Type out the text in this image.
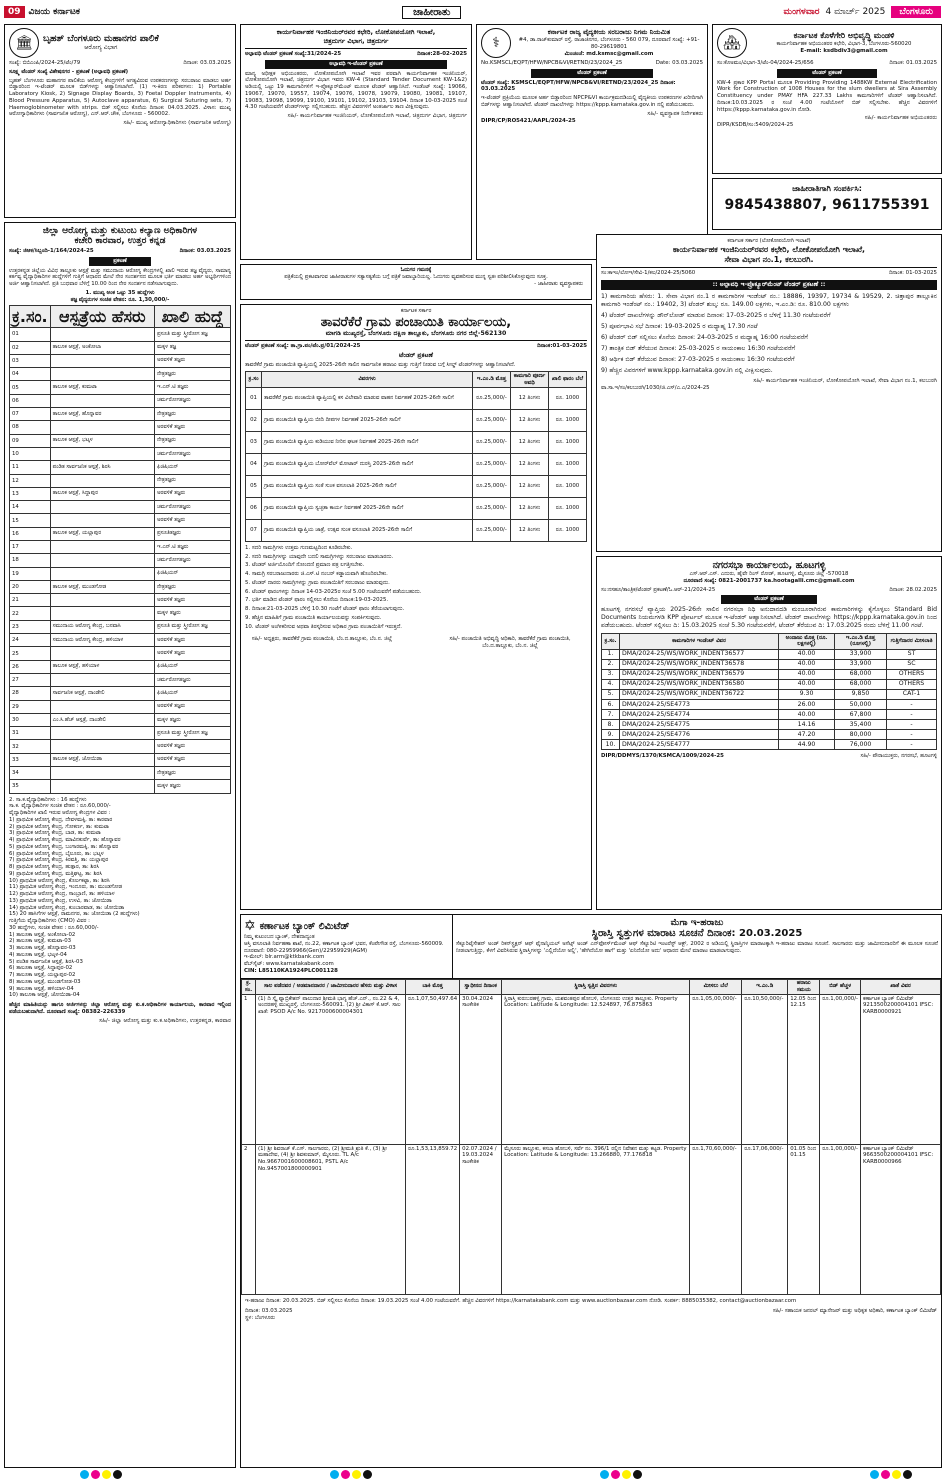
09 ವಿಜಯ ಕರ್ನಾಟಕ	ಜಾಹೀರಾತು	ಮಂಗಳವಾರ 4 ಮಾರ್ಚ್ 2025	ಬೆಂಗಳೂರು
🏛	ಬೃಹತ್ ಬೆಂಗಳೂರು ಮಹಾನಗರ ಪಾಲಿಕೆ
ಆರೋಗ್ಯ ವಿಭಾಗ
ಸಂಖ್ಯೆ: ಬಿಬಿಎಂಪಿ/2024-25/ಟೆಂ/79	ದಿನಾಂಕ: 03.03.2025
ಸೂಕ್ಷ್ಮ ಟೆಂಡರ್ ಸಂಖ್ಯೆ ವಿಶೇಷನಗರ - ಪ್ರಕಟಣೆ (ಅಲ್ಪಾವಧಿ ಪ್ರಕಟಣೆ)
ಬೃಹತ್ ಬೆಂಗಳೂರು ಮಹಾನಗರ ಪಾಲಿಕೆಯ ಆರೋಗ್ಯ ಕೇಂದ್ರಗಳಿಗೆ ಅಗತ್ಯವಿರುವ ಉಪಕರಣಗಳನ್ನು ಸರಬರಾಜು ಮಾಡಲು ಅರ್ಹ ಬಿಡ್ದಾರರಿಂದ ಇ-ಟೆಂಡರ್ ಮೂಲಕ ಬಿಡ್‌ಗಳನ್ನು ಆಹ್ವಾನಿಸಲಾಗಿದೆ. (1) ಇ-ಕಿರಣ ಪರಿಕರಗಳು: 1) Portable Laboratory Kiosk, 2) Signage Display Boards, 3) Foetal Doppler Instruments, 4) Blood Pressure Apparatus, 5) Autoclave apparatus, 6) Surgical Suturing sets, 7) Haemoglobinometer with strips. ಬಿಡ್ ಸಲ್ಲಿಸಲು ಕೊನೆಯ ದಿನಾಂಕ: 04.03.2025. ವಿಳಾಸ: ಮುಖ್ಯ ಆರೋಗ್ಯಾಧಿಕಾರಿಗಳು (ಸಾರ್ವಜನಿಕ ಆರೋಗ್ಯ), ಎನ್.ಆರ್.ಚೌಕ, ಬೆಂಗಳೂರು - 560002.
ಸಹಿ/- ಮುಖ್ಯ ಆರೋಗ್ಯಾಧಿಕಾರಿಗಳು (ಸಾರ್ವಜನಿಕ ಆರೋಗ್ಯ)
ಕಾರ್ಯನಿರ್ವಾಹಕ ಇಂಜಿನಿಯರ್‌ರವರ ಕಛೇರಿ, ಲೋಕೋಪಯೋಗಿ ಇಲಾಖೆ,
ಚಿತ್ರದುರ್ಗ ವಿಭಾಗ, ಚಿತ್ರದುರ್ಗ
ಅಲ್ಪಾವಧಿ ಟೆಂಡರ್ ಪ್ರಕಟಣೆ ಸಂಖ್ಯೆ:31/2024-25	ದಿನಾಂಕ:28-02-2025
ಅಲ್ಪಾವಧಿ ಇ-ಟೆಂಡರ್ ಪ್ರಕಟಣೆ
ಮಾನ್ಯ ಅಧೀಕ್ಷಕ ಅಭಿಯಂತರರು, ಲೋಕೋಪಯೋಗಿ ಇಲಾಖೆ ಇವರ ಪರವಾಗಿ ಕಾರ್ಯನಿರ್ವಾಹಕ ಇಂಜಿನಿಯರ್, ಲೋಕೋಪಯೋಗಿ ಇಲಾಖೆ, ಚಿತ್ರದುರ್ಗ ವಿಭಾಗ ಇವರು KW-4 (Standard Tender Document KW-1&2) ಅಡಿಯಲ್ಲಿ ಒಟ್ಟು 19 ಕಾಮಗಾರಿಗಳಿಗೆ ಇ-ಪ್ರೊಕ್ಯೂರ್‌ಮೆಂಟ್ ಮೂಲಕ ಟೆಂಡರ್ ಆಹ್ವಾನಿಸಿದೆ. ಇಂಡೆಂಟ್ ಸಂಖ್ಯೆ: 19066, 19067, 19070, 19557, 19074, 19076, 19078, 19079, 19080, 19081, 19107, 19083, 19098, 19099, 19100, 19101, 19102, 19103, 19104. ದಿನಾಂಕ 10-03-2025 ಸಂಜೆ 4.30 ಗಂಟೆಯವರೆಗೆ ಟೆಂಡರ್‌ಗಳನ್ನು ಸಲ್ಲಿಸಬಹುದು. ಹೆಚ್ಚಿನ ವಿವರಗಳಿಗೆ ಅಂತರ್ಜಾಲ ತಾಣ ವೀಕ್ಷಿಸುವುದು.
ಸಹಿ/- ಕಾರ್ಯನಿರ್ವಾಹಕ ಇಂಜಿನಿಯರ್, ಲೋಕೋಪಯೋಗಿ ಇಲಾಖೆ, ಚಿತ್ರದುರ್ಗ ವಿಭಾಗ, ಚಿತ್ರದುರ್ಗ
⚕
ಕರ್ನಾಟಕ ರಾಜ್ಯ ವೈದ್ಯಕೀಯ ಸರಬರಾಜು ನಿಗಮ ನಿಯಮಿತ
#4, ಡಾ.ರಾಜ್‌ಕುಮಾರ್ ರಸ್ತೆ, ರಾಜಾಜಿನಗರ, ಬೆಂಗಳೂರು - 560 079, ದೂರವಾಣಿ ಸಂಖ್ಯೆ: +91-80-29619801
ಮಿಂಚಂಚೆ: md.ksmsc@gmail.com
No.KSMSCL/EQPT/HFW/NPCB&VI/RETND/23/2024_25	Date: 03.03.2025
ಟೆಂಡರ್ ಪ್ರಕಟಣೆ
ಟೆಂಡರ್ ಸಂಖ್ಯೆ: KSMSCL/EQPT/HFW/NPCB&VI/RETND/23/2024_25 ದಿನಾಂಕ: 03.03.2025
ಇ-ಟೆಂಡರ್ ಪ್ರಕ್ರಿಯೆಯ ಮೂಲಕ ಅರ್ಹ ಬಿಡ್ದಾರರಿಂದ NPCP&VI ಕಾರ್ಯಕ್ರಮದಡಿಯಲ್ಲಿ ವೈದ್ಯಕೀಯ ಉಪಕರಣಗಳ ಖರೀದಿಗಾಗಿ ಬಿಡ್‌ಗಳನ್ನು ಆಹ್ವಾನಿಸಲಾಗಿದೆ. ಟೆಂಡರ್ ದಾಖಲೆಗಳನ್ನು https://kppp.karnataka.gov.in ನಲ್ಲಿ ಪಡೆಯಬಹುದು.
ಸಹಿ/- ವ್ಯವಸ್ಥಾಪಕ ನಿರ್ದೇಶಕರು
DIPR/CP/RO5421/AAPL/2024-25
🏘	ಕರ್ನಾಟಕ ಕೊಳೆಗೇರಿ ಅಭಿವೃದ್ಧಿ ಮಂಡಳಿ
ಕಾರ್ಯನಿರ್ವಾಹಕ ಅಭಿಯಂತರರ ಕಛೇರಿ, ವಿಭಾಗ-3, ಬೆಂಗಳೂರು-560020
E-mail: ksdbdiv3@gmail.com
ಸಂ:ಕೊಅಮಂ/ವಿಭಾಗ-3/ಟೆಂ-04/2024-25/656	ದಿನಾಂಕ: 01.03.2025
ಟೆಂಡರ್ ಪ್ರಕಟಣೆ
KW-4 ಪ್ರಕಾರ KPP Portal ಮೂಲಕ Providing Providing 1488KW External Electrification Work for Construction of 1008 Houses for the slum dwellers at Sira Assembly Constituency under PMAY HFA 227.33 Lakhs ಕಾಮಗಾರಿಗಳಿಗೆ ಟೆಂಡರ್ ಆಹ್ವಾನಿಸಲಾಗಿದೆ. ದಿನಾಂಕ:10.03.2025 ರ ಸಂಜೆ 4.00 ಗಂಟೆಯೊಳಗೆ ಬಿಡ್ ಸಲ್ಲಿಸಬೇಕು. ಹೆಚ್ಚಿನ ವಿವರಗಳಿಗೆ https://kppp.karnataka.gov.in ನೋಡಿ.
ಸಹಿ/- ಕಾರ್ಯನಿರ್ವಾಹಕ ಅಭಿಯಂತರರು
DIPR/KSDB/ಸಂ:5409/2024-25
ಜಾಹೀರಾತಿಗಾಗಿ ಸಂಪರ್ಕಿಸಿ:
9845438807, 9611755391
ಜಿಲ್ಲಾ ಆರೋಗ್ಯ ಮತ್ತು ಕುಟುಂಬ ಕಲ್ಯಾಣ ಅಧಿಕಾರಿಗಳ
ಕಚೇರಿ ಕಾರವಾರ, ಉತ್ತರ ಕನ್ನಡ
ಸಂಖ್ಯೆ: ಜಿಆಕ/ಸಿಬ್ಬಂದಿ-1/164/2024-25	ದಿನಾಂಕ: 03.03.2025
ಪ್ರಕಟಣೆ
ಉತ್ತರಕನ್ನಡ ಜಿಲ್ಲೆಯ ವಿವಿಧ ತಾಲ್ಲೂಕು ಆಸ್ಪತ್ರೆ ಮತ್ತು ಸಮುದಾಯ ಆರೋಗ್ಯ ಕೇಂದ್ರಗಳಲ್ಲಿ ಖಾಲಿ ಇರುವ ತಜ್ಞ ವೈದ್ಯರು, ಸಾಮಾನ್ಯ ಕರ್ತವ್ಯ ವೈದ್ಯಾಧಿಕಾರಿಗಳ ಹುದ್ದೆಗಳಿಗೆ ಗುತ್ತಿಗೆ ಆಧಾರದ ಮೇಲೆ ನೇರ ಸಂದರ್ಶನದ ಮೂಲಕ ಭರ್ತಿ ಮಾಡಲು ಅರ್ಹ ಅಭ್ಯರ್ಥಿಗಳಿಂದ ಅರ್ಜಿ ಆಹ್ವಾನಿಸಲಾಗಿದೆ. ಪ್ರತಿ ಬುಧವಾರ ಬೆಳಿಗ್ಗೆ 10.00 ರಿಂದ ನೇರ ಸಂದರ್ಶನ ನಡೆಸಲಾಗುವುದು.
1. ಮುಖ್ಯ ಅಂಕ ಒಟ್ಟು 35 ಹುದ್ದೆಗಳು
ತಜ್ಞ ವೈದ್ಯರುಗಳ ಸಂಚಿತ ವೇತನ: ರೂ. 1,30,000/-
ಕ್ರ.ಸಂ.	ಆಸ್ಪತ್ರೆಯ ಹೆಸರು	ಖಾಲಿ ಹುದ್ದೆ
01		ಪ್ರಸೂತಿ ಮತ್ತು ಸ್ತ್ರೀರೋಗ ತಜ್ಞ
02	ತಾಲೂಕ ಆಸ್ಪತ್ರೆ, ಅಂಕೋಲಾ	ಮಕ್ಕಳ ತಜ್ಞ
03		ಅರವಳಿಕೆ ತಜ್ಞರು
04		ನೇತ್ರತಜ್ಞರು
05	ತಾಲೂಕ ಆಸ್ಪತ್ರೆ, ಕುಮಟಾ	ಇ.ಎನ್.ಟಿ ತಜ್ಞರು
06		ಚರ್ಮರೋಗತಜ್ಞರು
07	ತಾಲೂಕ ಆಸ್ಪತ್ರೆ, ಹೊನ್ನಾವರ	ನೇತ್ರತಜ್ಞರು
08		ಅರವಳಿಕೆ ತಜ್ಞರು
09	ತಾಲೂಕ ಆಸ್ಪತ್ರೆ, ಭಟ್ಕಳ	ನೇತ್ರತಜ್ಞರು
10		ಚರ್ಮರೋಗತಜ್ಞರು
11	ಪಂಡಿತ ಸಾರ್ವಜನಿಕ ಆಸ್ಪತ್ರೆ, ಶಿರಸಿ	ಫಿಜಿಷಿಯನ್
12		ನೇತ್ರತಜ್ಞರು
13	ತಾಲೂಕ ಆಸ್ಪತ್ರೆ, ಸಿದ್ದಾಪುರ	ಅರವಳಿಕೆ ತಜ್ಞರು
14		ಚರ್ಮರೋಗತಜ್ಞರು
15		ಅರವಳಿಕೆ ತಜ್ಞರು
16	ತಾಲೂಕ ಆಸ್ಪತ್ರೆ, ಯಲ್ಲಾಪುರ	ಪ್ರಸೂತಿತಜ್ಞರು
17		ಇ.ಎನ್.ಟಿ ತಜ್ಞರು
18		ಚರ್ಮರೋಗತಜ್ಞರು
19		ಫಿಜಿಷಿಯನ್
20	ತಾಲೂಕ ಆಸ್ಪತ್ರೆ, ಮುಂಡಗೋಡ	ನೇತ್ರತಜ್ಞರು
21		ಅರವಳಿಕೆ ತಜ್ಞರು
22		ಮಕ್ಕಳ ತಜ್ಞರು
23	ಸಮುದಾಯ ಆರೋಗ್ಯ ಕೇಂದ್ರ, ಬನವಾಸಿ	ಪ್ರಸೂತಿ ಮತ್ತು ಸ್ತ್ರೀರೋಗ ತಜ್ಞ
24	ಸಮುದಾಯ ಆರೋಗ್ಯ ಕೇಂದ್ರ, ಹಳಿಯಾಳ	ಅರವಳಿಕೆ ತಜ್ಞರು
25		ಅರವಳಿಕೆ ತಜ್ಞರು
26	ತಾಲೂಕ ಆಸ್ಪತ್ರೆ, ಹಳಿಯಾಳ	ಫಿಜಿಷಿಯನ್
27		ಚರ್ಮರೋಗತಜ್ಞರು
28	ಸಾರ್ವಜನಿಕ ಆಸ್ಪತ್ರೆ, ದಾಂಡೇಲಿ	ಫಿಜಿಷಿಯನ್
29		ಅರವಳಿಕೆ ತಜ್ಞರು
30	ಎಂ.ಸಿ.ಹೆಚ್ ಆಸ್ಪತ್ರೆ, ದಾಂಡೇಲಿ	ಮಕ್ಕಳ ತಜ್ಞರು
31		ಪ್ರಸೂತಿ ಮತ್ತು ಸ್ತ್ರೀರೋಗ ತಜ್ಞ
32		ಅರವಳಿಕೆ ತಜ್ಞರು
33	ತಾಲೂಕ ಆಸ್ಪತ್ರೆ, ಜೋಯಿಡಾ	ಅರವಳಿಕೆ ತಜ್ಞರು
34		ನೇತ್ರತಜ್ಞರು
35		ಮಕ್ಕಳ ತಜ್ಞರು
2. ಸಾ.ಕ.ವೈದ್ಯಾಧಿಕಾರಿಗಳು : 16 ಹುದ್ದೆಗಳು
ಸಾ.ಕ. ವೈದ್ಯಾಧಿಕಾರಿಗಳ ಸಂಚಿತ ವೇತನ : ರೂ.60,000/-
ವೈದ್ಯಾಧಿಕಾರಿಗಳ ಖಾಲಿ ಇರುವ ಆರೋಗ್ಯ ಕೇಂದ್ರಗಳ ವಿವರ :
1) ಪ್ರಾಥಮಿಕ ಆರೋಗ್ಯ ಕೇಂದ್ರ, ದೇವಳಮಕ್ಕಿ, ತಾ: ಕಾರವಾರ
2) ಪ್ರಾಥಮಿಕ ಆರೋಗ್ಯ ಕೇಂದ್ರ, ಗೋಕರ್ಣ, ತಾ: ಕುಮಟಾ
3) ಪ್ರಾಥಮಿಕ ಆರೋಗ್ಯ ಕೇಂದ್ರ, ಬಾಡ, ತಾ: ಕುಮಟಾ
4) ಪ್ರಾಥಮಿಕ ಆರೋಗ್ಯ ಕೇಂದ್ರ, ಮಾವಿನಕುರ್ವೆ, ತಾ: ಹೊನ್ನಾವರ
5) ಪ್ರಾಥಮಿಕ ಆರೋಗ್ಯ ಕೇಂದ್ರ, ಬಂಗಾರಮಕ್ಕಿ, ತಾ: ಹೊನ್ನಾವರ
6) ಪ್ರಾಥಮಿಕ ಆರೋಗ್ಯ ಕೇಂದ್ರ, ಬೈಲೂರು, ತಾ: ಭಟ್ಕಳ
7) ಪ್ರಾಥಮಿಕ ಆರೋಗ್ಯ ಕೇಂದ್ರ, ಕಿರವತ್ತಿ, ತಾ: ಯಲ್ಲಾಪುರ
8) ಪ್ರಾಥಮಿಕ ಆರೋಗ್ಯ ಕೇಂದ್ರ, ಹುತ್ಗಾರ, ತಾ: ಶಿರಸಿ
9) ಪ್ರಾಥಮಿಕ ಆರೋಗ್ಯ ಕೇಂದ್ರ, ಮತ್ತಿಘಟ್ಟ, ತಾ: ಶಿರಸಿ
10) ಪ್ರಾಥಮಿಕ ಆರೋಗ್ಯ ಕೇಂದ್ರ, ಕೊರ್ಲಕಟ್ಟಾ, ತಾ: ಶಿರಸಿ
11) ಪ್ರಾಥಮಿಕ ಆರೋಗ್ಯ ಕೇಂದ್ರ, ಇಂದೂರು, ತಾ: ಮುಂಡಗೋಡ
12) ಪ್ರಾಥಮಿಕ ಆರೋಗ್ಯ ಕೇಂದ್ರ, ಸಾಂಬ್ರಾಣಿ, ತಾ: ಹಳಿಯಾಳ
13) ಪ್ರಾಥಮಿಕ ಆರೋಗ್ಯ ಕೇಂದ್ರ, ಉಳವಿ, ತಾ: ಜೋಯಿಡಾ
14) ಪ್ರಾಥಮಿಕ ಆರೋಗ್ಯ ಕೇಂದ್ರ, ಕುಂಬಾರವಾಡ, ತಾ: ಜೋಯಿಡಾ
15) 20 ಹಾಸಿಗೆಗಳ ಆಸ್ಪತ್ರೆ, ರಾಮನಗರ, ತಾ: ಜೋಯಿಡಾ (2 ಹುದ್ದೆಗಳು)
ಗುತ್ತಿಗೆಯ ವೈದ್ಯಾಧಿಕಾರಿಗಳು (CMO) ವಿವರ :
30 ಹುದ್ದೆಗಳು, ಸಂಚಿತ ವೇತನ : ರೂ.60,000/-
1) ತಾಲೂಕಾ ಆಸ್ಪತ್ರೆ, ಅಂಕೋಲಾ-02
2) ತಾಲೂಕಾ ಆಸ್ಪತ್ರೆ, ಕುಮಟಾ-03
3) ತಾಲೂಕಾ ಆಸ್ಪತ್ರೆ, ಹೊನ್ನಾವರ-03
4) ತಾಲೂಕಾ ಆಸ್ಪತ್ರೆ, ಭಟ್ಕಳ-04
5) ಪಂಡಿತ ಸಾರ್ವಜನಿಕ ಆಸ್ಪತ್ರೆ, ಶಿರಸಿ-03
6) ತಾಲೂಕಾ ಆಸ್ಪತ್ರೆ, ಸಿದ್ದಾಪುರ-02
7) ತಾಲೂಕಾ ಆಸ್ಪತ್ರೆ, ಯಲ್ಲಾಪುರ-02
8) ತಾಲೂಕಾ ಆಸ್ಪತ್ರೆ, ಮುಂಡಗೋಡ-03
9) ತಾಲೂಕಾ ಆಸ್ಪತ್ರೆ, ಹಳಿಯಾಳ-04
10) ತಾಲೂಕಾ ಆಸ್ಪತ್ರೆ, ಜೋಯಿಡಾ-04
ಹೆಚ್ಚಿನ ಮಾಹಿತಿಯನ್ನು ಹಾಗೂ ಅರ್ಜಿಗಳನ್ನು ಜಿಲ್ಲಾ ಆರೋಗ್ಯ ಮತ್ತು ಕು.ಕ.ಅಧಿಕಾರಿಗಳ ಕಾರ್ಯಾಲಯ, ಕಾರವಾರ ಇಲ್ಲಿಂದ ಪಡೆಯಬಹುದಾಗಿದೆ. ದೂರವಾಣಿ ಸಂಖ್ಯೆ: 08382-226339
ಸಹಿ/- ಜಿಲ್ಲಾ ಆರೋಗ್ಯ ಮತ್ತು ಕು.ಕ.ಅಧಿಕಾರಿಗಳು, ಉತ್ತರಕನ್ನಡ, ಕಾರವಾರ
ಓದುಗರ ಗಮನಕ್ಕೆ
ಪತ್ರಿಕೆಯಲ್ಲಿ ಪ್ರಕಟವಾಗುವ ಜಾಹೀರಾತುಗಳ ಸತ್ಯಾಸತ್ಯತೆಯ ಬಗ್ಗೆ ಪತ್ರಿಕೆ ಜವಾಬ್ದಾರಿಯಲ್ಲ. ಓದುಗರು ವ್ಯವಹರಿಸುವ ಮುನ್ನ ಸ್ವತಃ ಪರಿಶೀಲಿಸಿಕೊಳ್ಳುವುದು ಸೂಕ್ತ.
- ಜಾಹೀರಾತು ವ್ಯವಸ್ಥಾಪಕರು
ಕರ್ನಾಟಕ ಸರ್ಕಾರ
ತಾವರೆಕೆರೆ ಗ್ರಾಮ ಪಂಚಾಯಿತಿ ಕಾರ್ಯಾಲಯ,
ಮಾಗಡಿ ಮುಖ್ಯರಸ್ತೆ, ಬೆಂಗಳೂರು ದಕ್ಷಿಣ ತಾಲ್ಲೂಕು, ಬೆಂಗಳೂರು ನಗರ ಜಿಲ್ಲೆ-562130
ಟೆಂಡರ್ ಪ್ರಕಟಣೆ ಸಂಖ್ಯೆ: ತಾ.ಗ್ರಾ.ಪಂ/ಟೆಂ.ಪ್ರ/01/2024-25	ದಿನಾಂಕ:01-03-2025
ಟೆಂಡರ್ ಪ್ರಕಟಣೆ
ತಾವರೆಕೆರೆ ಗ್ರಾಮ ಪಂಚಾಯಿತಿ ವ್ಯಾಪ್ತಿಯಲ್ಲಿ 2025-26ನೇ ಸಾಲಿನ ಸಾರ್ವಜನಿಕ ಹರಾಜು ಮತ್ತು ಗುತ್ತಿಗೆ ನೀಡುವ ಬಗ್ಗೆ ಸೀಲ್ಡ್ ಟೆಂಡರ್‌ಗಳನ್ನು ಆಹ್ವಾನಿಸಲಾಗಿದೆ.
ಕ್ರ.ಸಂ	ವಿವರಗಳು	ಇ.ಎಂ.ಡಿ ಮೊತ್ತ	ಕಾಮಗಾರಿ ಪೂರ್ಣ ಅವಧಿ	ಖಾಲಿ ಫಾರಂ ಬೆಲೆ
01	ತಾವರೆಕೆರೆ ಗ್ರಾಮ ಪಂಚಾಯಿತಿ ವ್ಯಾಪ್ತಿಯಲ್ಲಿ ಕಸ ವಿಲೇವಾರಿ ಮಾಡುವ ವಾಹನ ನಿರ್ವಹಣೆ 2025-26ನೇ ಸಾಲಿಗೆ	ರೂ.25,000/-	12 ತಿಂಗಳು	ರೂ. 1000
02	ಗ್ರಾಮ ಪಂಚಾಯಿತಿ ವ್ಯಾಪ್ತಿಯ ಬೀದಿ ದೀಪಗಳ ನಿರ್ವಹಣೆ 2025-26ನೇ ಸಾಲಿಗೆ	ರೂ.25,000/-	12 ತಿಂಗಳು	ರೂ. 1000
03	ಗ್ರಾಮ ಪಂಚಾಯಿತಿ ವ್ಯಾಪ್ತಿಯ ಕುಡಿಯುವ ನೀರಿನ ಘಟಕ ನಿರ್ವಹಣೆ 2025-26ನೇ ಸಾಲಿಗೆ	ರೂ.25,000/-	12 ತಿಂಗಳು	ರೂ. 1000
04	ಗ್ರಾಮ ಪಂಚಾಯಿತಿ ವ್ಯಾಪ್ತಿಯ ಬೋರ್‌ವೆಲ್ ಮೋಟಾರ್ ದುರಸ್ತಿ 2025-26ನೇ ಸಾಲಿಗೆ	ರೂ.25,000/-	12 ತಿಂಗಳು	ರೂ. 1000
05	ಗ್ರಾಮ ಪಂಚಾಯಿತಿ ವ್ಯಾಪ್ತಿಯ ಸಂತೆ ಸುಂಕ ವಸೂಲಾತಿ 2025-26ನೇ ಸಾಲಿಗೆ	ರೂ.25,000/-	12 ತಿಂಗಳು	ರೂ. 1000
06	ಗ್ರಾಮ ಪಂಚಾಯಿತಿ ವ್ಯಾಪ್ತಿಯ ಸ್ವಚ್ಛತಾ ಕಾರ್ಯ ನಿರ್ವಹಣೆ 2025-26ನೇ ಸಾಲಿಗೆ	ರೂ.25,000/-	12 ತಿಂಗಳು	ರೂ. 1000
07	ಗ್ರಾಮ ಪಂಚಾಯಿತಿ ವ್ಯಾಪ್ತಿಯ ಜಾತ್ರೆ, ಉತ್ಸವ ಸುಂಕ ವಸೂಲಾತಿ 2025-26ನೇ ಸಾಲಿಗೆ	ರೂ.25,000/-	12 ತಿಂಗಳು	ರೂ. 1000
1. ಸದರಿ ಸಾಮಗ್ರಿಗಳು ಉತ್ತಮ ಗುಣಮಟ್ಟದಿಂದ ಕೂಡಿರಬೇಕು.
2. ಸದರಿ ಸಾಮಗ್ರಿಗಳನ್ನು ಯಾವುದೇ ಬದಲಿ ಸಾಮಗ್ರಿಗಳನ್ನು ಸರಬರಾಜು ಮಾಡಬಾರದು.
3. ಟೆಂಡರ್ ಅರ್ಜಿಯೊಂದಿಗೆ ನೋಂದಣಿ ಪ್ರಮಾಣ ಪತ್ರ ಲಗತ್ತಿಸಬೇಕು.
4. ಸಾಮಗ್ರಿ ಸರಬರಾಜುದಾರರು ಜಿ.ಎಸ್.ಟಿ ನಂಬರ್ ಕಡ್ಡಾಯವಾಗಿ ಹೊಂದಿರಬೇಕು.
5. ಟೆಂಡರ್ ದಾರರು ಸಾಮಗ್ರಿಗಳನ್ನು ಗ್ರಾಮ ಪಂಚಾಯಿತಿಗೆ ಸರಬರಾಜು ಮಾಡುವುದು.
6. ಟೆಂಡರ್ ಫಾರಂಗಳನ್ನು ದಿನಾಂಕ 14-03-2025ರ ಸಂಜೆ 5.00 ಗಂಟೆಯವರೆಗೆ ಪಡೆಯಬಹುದು.
7. ಭರ್ತಿ ಮಾಡಿದ ಟೆಂಡರ್ ಫಾರಂ ಸಲ್ಲಿಸಲು ಕೊನೆಯ ದಿನಾಂಕ:19-03-2025.
8. ದಿನಾಂಕ:21-03-2025 ಬೆಳಿಗ್ಗೆ 10.30 ಗಂಟೆಗೆ ಟೆಂಡರ್ ಫಾರಂ ತೆರೆಯಲಾಗುವುದು.
9. ಹೆಚ್ಚಿನ ಮಾಹಿತಿಗೆ ಗ್ರಾಮ ಪಂಚಾಯಿತಿ ಕಾರ್ಯಾಲಯವನ್ನು ಸಂಪರ್ಕಿಸುವುದು.
10. ಟೆಂಡರ್ ಅಂಗೀಕರಿಸುವ ಅಥವಾ ತಿರಸ್ಕರಿಸುವ ಅಧಿಕಾರ ಗ್ರಾಮ ಪಂಚಾಯಿತಿಗೆ ಇರುತ್ತದೆ.
ಸಹಿ/- ಅಧ್ಯಕ್ಷರು, ತಾವರೆಕೆರೆ ಗ್ರಾಮ ಪಂಚಾಯಿತಿ, ಬೆಂ.ದ.ತಾಲ್ಲೂಕು, ಬೆಂ.ನ. ಜಿಲ್ಲೆ	ಸಹಿ/- ಪಂಚಾಯಿತಿ ಅಭಿವೃದ್ಧಿ ಅಧಿಕಾರಿ, ತಾವರೆಕೆರೆ ಗ್ರಾಮ ಪಂಚಾಯಿತಿ, ಬೆಂ.ದ.ತಾಲ್ಲೂಕು, ಬೆಂ.ನ. ಜಿಲ್ಲೆ
ಕರ್ನಾಟಕ ಸರ್ಕಾರ (ಲೋಕೋಪಯೋಗಿ ಇಲಾಖೆ)
ಕಾರ್ಯನಿರ್ವಾಹಕ ಇಂಜಿನಿಯರ್‌ರವರ ಕಛೇರಿ, ಲೋಕೋಪಯೋಗಿ ಇಲಾಖೆ,
ಸೇವಾ ವಿಭಾಗ ನಂ.1, ಕಲಬುರಗಿ.
ಸಂ:ಕಾಇಂ/ಲೋಇ/ಸೇವಿ-1/ಕಲ/2024-25/5060	ದಿನಾಂಕ: 01-03-2025
:: ಅಲ್ಪಾವಧಿ ಇ-ಪ್ರೊಕ್ಯೂರ್‌ಮೆಂಟ್ ಟೆಂಡರ್ ಪ್ರಕಟಣೆ ::
1) ಕಾಮಗಾರಿಯ ಹೆಸರು: 1. ಸೇವಾ ವಿಭಾಗ ನಂ.1 ರ ಕಾಮಗಾರಿಗಳ ಇಂಡೆಂಟ್ ನಂ.: 18886, 19397, 19734 & 19529, 2. ಚಿತ್ತಾಪುರ ತಾಲ್ಲೂಕಿನ ಕಾಮಗಾರಿ ಇಂಡೆಂಟ್ ನಂ.: 19402, 3) ಟೆಂಡರ್ ಶುಲ್ಕ: ರೂ. 149.00 ಲಕ್ಷಗಳು, ಇ.ಎಂ.ಡಿ: ರೂ. 810.00 ಲಕ್ಷಗಳು
4) ಟೆಂಡರ್ ದಾಖಲೆಗಳನ್ನು ಡೌನ್‌ಲೋಡ್ ಮಾಡುವ ದಿನಾಂಕ: 17-03-2025 ರ ಬೆಳಿಗ್ಗೆ 11.30 ಗಂಟೆಯವರೆಗೆ
5) ಪೂರ್ವಭಾವಿ ಸಭೆ ದಿನಾಂಕ: 19-03-2025 ರ ಮಧ್ಯಾಹ್ನ 17.30 ಗಂಟೆ
6) ಟೆಂಡರ್ ಬಿಡ್ ಸಲ್ಲಿಸಲು ಕೊನೆಯ ದಿನಾಂಕ: 24-03-2025 ರ ಮಧ್ಯಾಹ್ನ 16:00 ಗಂಟೆಯವರೆಗೆ
7) ತಾಂತ್ರಿಕ ಬಿಡ್ ತೆರೆಯುವ ದಿನಾಂಕ: 25-03-2025 ರ ಸಾಯಂಕಾಲ 16:30 ಗಂಟೆಯವರೆಗೆ
8) ಆರ್ಥಿಕ ಬಿಡ್ ತೆರೆಯುವ ದಿನಾಂಕ: 27-03-2025 ರ ಸಾಯಂಕಾಲ 16:30 ಗಂಟೆಯವರೆಗೆ
9) ಹೆಚ್ಚಿನ ವಿವರಗಳಿಗೆ www.kppp.karnataka.gov.in ನಲ್ಲಿ ವೀಕ್ಷಿಸುವುದು.
ಸಹಿ/- ಕಾರ್ಯನಿರ್ವಾಹಕ ಇಂಜಿನಿಯರ್, ಲೋಕೋಪಯೋಗಿ ಇಲಾಖೆ, ಸೇವಾ ವಿಭಾಗ ನಂ.1, ಕಲಬುರಗಿ
ವಾ.ಸಾ.ಇ/ಸಂ/ಕಲಬುರಗಿ/1030/ಜಿ.ಎಸ್/ಎ.ಎ/2024-25
ನಗರಸಭಾ ಕಾರ್ಯಾಲಯ, ಹೂಟಗಳ್ಳಿ
ಎಸ್.ಆರ್.ಎಸ್. ಎದುರು, ಹೈವೇ ರಿಂಗ್ ರೋಡ್, ಹೂಟಗಳ್ಳಿ, ಮೈಸೂರು ಜಿಲ್ಲೆ -570018
ದೂರವಾಣಿ ಸಂಖ್ಯೆ: 0821-2001737 ka.hootagalli.cmc@gmail.com
ಸಂ:ನಸಹೂ/ತಾಂತ್ರಿಕ/ಟೆಂಡರ್ ಪ್ರಕಟಣೆ/ಓ.ಆರ್-21/2024-25	ದಿನಾಂಕ: 28.02.2025
ಟೆಂಡರ್ ಪ್ರಕಟಣೆ
ಹೂಟಗಳ್ಳಿ ನಗರಸಭೆ ವ್ಯಾಪ್ತಿಯ 2025-26ನೇ ಸಾಲಿನ ನಗರಸಭಾ ನಿಧಿ ಅನುದಾನದಡಿ ಮಂಜೂರಾಗಿರುವ ಕಾಮಗಾರಿಗಳನ್ನು ಕೈಗೊಳ್ಳಲು Standard Bid Documents ನಿಯಮಗಳಡಿ KPP ಪೋರ್ಟಲ್ ಮೂಲಕ ಇ-ಟೆಂಡರ್ ಆಹ್ವಾನಿಸಲಾಗಿದೆ. ಟೆಂಡರ್ ದಾಖಲೆಗಳನ್ನು https://kppp.karnataka.gov.in ನಿಂದ ಪಡೆಯಬಹುದು. ಟೆಂಡರ್ ಸಲ್ಲಿಸಲು ದಿ: 15.03.2025 ಸಂಜೆ 5.30 ಗಂಟೆಯವರೆಗೆ, ಟೆಂಡರ್ ತೆರೆಯುವ ದಿ: 17.03.2025 ರಂದು ಬೆಳಿಗ್ಗೆ 11.00 ಗಂಟೆ.
ಕ್ರ.ಸಂ.	ಕಾಮಗಾರಿಗಳ ಇಂಡೆಂಟ್ ವಿವರ	ಅಂದಾಜು ಮೊತ್ತ (ರೂ. ಲಕ್ಷಗಳಲ್ಲಿ)	ಇ.ಎಂ.ಡಿ ಮೊತ್ತ (ರೂಗಳಲ್ಲಿ)	ಗುತ್ತಿಗೆದಾರರ ಮೀಸಲಾತಿ
1.	DMA/2024-25/WS/WORK_INDENT36577	40.00	33,900	ST
2.	DMA/2024-25/WS/WORK_INDENT36578	40.00	33,900	SC
3.	DMA/2024-25/WS/WORK_INDENT36579	40.00	68,000	OTHERS
4.	DMA/2024-25/WS/WORK_INDENT36580	40.00	68,000	OTHERS
5.	DMA/2024-25/WS/WORK_INDENT36722	9.30	9,850	CAT-1
6.	DMA/2024-25/SE4773	26.00	50,000	-
7.	DMA/2024-25/SE4774	40.00	67,800	-
8.	DMA/2024-25/SE4775	14.16	35,400	-
9.	DMA/2024-25/SE4776	47.20	80,000	-
10.	DMA/2024-25/SE4777	44.90	76,000	-
DIPR/DDMYS/1370/KSMCA/1009/2024-25	ಸಹಿ/- ಪೌರಾಯುಕ್ತರು, ನಗರಸಭೆ, ಹೂಟಗಳ್ಳಿ
✡ ಕರ್ಣಾಟಕ ಬ್ಯಾಂಕ್ ಲಿಮಿಟೆಡ್
ನಿಮ್ಮ ಕುಟುಂಬದ ಬ್ಯಾಂಕ್, ದೇಶದಾದ್ಯಂತ
ಆಸ್ತಿ ವಸೂಲಾತಿ ನಿರ್ವಹಣಾ ಶಾಖೆ, ನಂ.22, ಕರ್ಣಾಟಕ ಬ್ಯಾಂಕ್ ಭವನ, ಕೆಂಪೇಗೌಡ ರಸ್ತೆ, ಬೆಂಗಳೂರು-560009. ದೂರವಾಣಿ: 080-22959966(Gen)/22959929(AGM)
ಇ-ಮೇಲ್: blr.arm@ktkbank.com
ವೆಬ್‌ಸೈಟ್: www.karnatakabank.com
CIN: L85110KA1924PLC001128
ಮೆಗಾ ಇ-ಹರಾಜು
ಸ್ಥಿರಾಸ್ತಿ ಸ್ವತ್ತುಗಳ ಮಾರಾಟ ಸೂಚನೆ ದಿನಾಂಕ: 20.03.2025
ಸೆಕ್ಯೂರಿಟೈಸೇಶನ್ ಅಂಡ್ ರಿಕನ್‌ಸ್ಟ್ರಕ್ಷನ್ ಆಫ್ ಫೈನಾನ್ಶಿಯಲ್ ಅಸೆಟ್ಸ್ ಅಂಡ್ ಎನ್‌ಫೋರ್ಸ್‌ಮೆಂಟ್ ಆಫ್ ಸೆಕ್ಯೂರಿಟಿ ಇಂಟರೆಸ್ಟ್ ಆಕ್ಟ್, 2002 ರ ಅಡಿಯಲ್ಲಿ ಸ್ಥಿರಾಸ್ತಿಗಳ ಮಾರಾಟಕ್ಕಾಗಿ ಇ-ಹರಾಜು ಮಾರಾಟ ಸೂಚನೆ. ಸಾಲಗಾರರು ಮತ್ತು ಜಾಮೀನುದಾರರಿಗೆ ಈ ಮೂಲಕ ಸೂಚನೆ ನೀಡಲಾಗುತ್ತಿದ್ದು, ಕೆಳಗೆ ವಿವರಿಸಿರುವ ಸ್ಥಿರಾಸ್ತಿಗಳನ್ನು 'ಎಲ್ಲಿದೆಯೋ ಅಲ್ಲಿ', 'ಹೇಗಿದೆಯೋ ಹಾಗೆ' ಮತ್ತು 'ಏನಿದೆಯೋ ಅದು' ಆಧಾರದ ಮೇಲೆ ಮಾರಾಟ ಮಾಡಲಾಗುವುದು.
ಕ್ರ. ಸಂ.	ಸಾಲ ಪಡೆದವರ / ಅಡಮಾನದಾರರ / ಜಾಮೀನುದಾರರ ಹೆಸರು ಮತ್ತು ವಿಳಾಸ	ಬಾಕಿ ಮೊತ್ತ	ಸ್ವಾಧೀನದ ದಿನಾಂಕ	ಸ್ಥಿರಾಸ್ತಿ ಸ್ವತ್ತಿನ ವಿವರಗಳು	ಮೀಸಲು ಬೆಲೆ	ಇ.ಎಂ.ಡಿ	ಹರಾಜು ಸಮಯ	ಬಿಡ್ ಹೆಚ್ಚಳ	ಖಾತೆ ವಿವರ
1	(1) ದಿ ಸ್ಕೈ ಫ್ಯಾಬ್ರಿಕೇಶನ್ ಪಾಲುದಾರ ಶ್ರೀಮತಿ ಭಾಗ್ಯ ಹೆಚ್.ಎನ್., ನಂ.22 & 4, ಅಂದರಹಳ್ಳಿ ಮುಖ್ಯರಸ್ತೆ, ಬೆಂಗಳೂರು-560091. (2) ಶ್ರೀ ವಿಕಾಸ್ ಕೆ.ಆರ್. ಸಾಲ ಖಾತೆ: PSOD A/c No. 9217000600004301	ರೂ.1,07,50,497.64	30.04.2024 ಸಾಂಕೇತಿಕ	ಸ್ಥಿರಾಸ್ತಿ ಕುರುಬರಹಳ್ಳಿ ಗ್ರಾಮ, ಯಶವಂತಪುರ ಹೋಬಳಿ, ಬೆಂಗಳೂರು ಉತ್ತರ ತಾಲ್ಲೂಕು. Property Location: Latitude & Longitude: 12.524897, 76.875863	ರೂ.1,05,00,000/-	ರೂ.10,50,000/-	12.05 ರಿಂದ 12.15	ರೂ.1,00,000/-	ಕರ್ಣಾಟಕ ಬ್ಯಾಂಕ್ ಲಿಮಿಟೆಡ್ 9213500200004101 IFSC: KARB0000921
2	(1) ಶ್ರೀ ಶಿವರಾಜ್ ಕೆ.ಎಸ್. ಸಾಲಗಾರರು, (2) ಶ್ರೀಮತಿ ಶ್ರುತಿ ಕೆ., (3) ಶ್ರೀ ಮಹಾದೇವ, (4) ಶ್ರೀ ಶಿವಕುಮಾರ್, ಮೈಸೂರು. TL A/c No.9667001600008601, PSTL A/c No.9457001800000901	ರೂ.1,53,13,859.72	02.07.2024 / 19.03.2024 ಸಾಂಕೇತಿಕ	ಮೈಸೂರು ತಾಲ್ಲೂಕು, ಕಸಬಾ ಹೋಬಳಿ, ಸರ್ವೆ ನಂ. 396/1 ರಲ್ಲಿನ ನಿವೇಶನ ಮತ್ತು ಕಟ್ಟಡ. Property Location: Latitude & Longitude: 13.266880, 77.176818	ರೂ.1,70,60,000/-	ರೂ.17,06,000/-	01.05 ರಿಂದ 01.15	ರೂ.1,00,000/-	ಕರ್ಣಾಟಕ ಬ್ಯಾಂಕ್ ಲಿಮಿಟೆಡ್ 9663500200004101 IFSC: KARB0000966
ಇ-ಹರಾಜು ದಿನಾಂಕ: 20.03.2025. ಬಿಡ್ ಸಲ್ಲಿಸಲು ಕೊನೆಯ ದಿನಾಂಕ: 19.03.2025 ಸಂಜೆ 4.00 ಗಂಟೆಯವರೆಗೆ. ಹೆಚ್ಚಿನ ವಿವರಗಳಿಗೆ https://karnatakabank.com ಮತ್ತು www.auctionbazaar.com ನೋಡಿ. ಸಂಪರ್ಕ: 8885035382, contact@auctionbazaar.com
ದಿನಾಂಕ: 03.03.2025
ಸ್ಥಳ: ಬೆಂಗಳೂರು
ಸಹಿ/- ಸಹಾಯಕ ಜನರಲ್ ಮ್ಯಾನೇಜರ್ ಮತ್ತು ಅಧಿಕೃತ ಅಧಿಕಾರಿ, ಕರ್ಣಾಟಕ ಬ್ಯಾಂಕ್ ಲಿಮಿಟೆಡ್
